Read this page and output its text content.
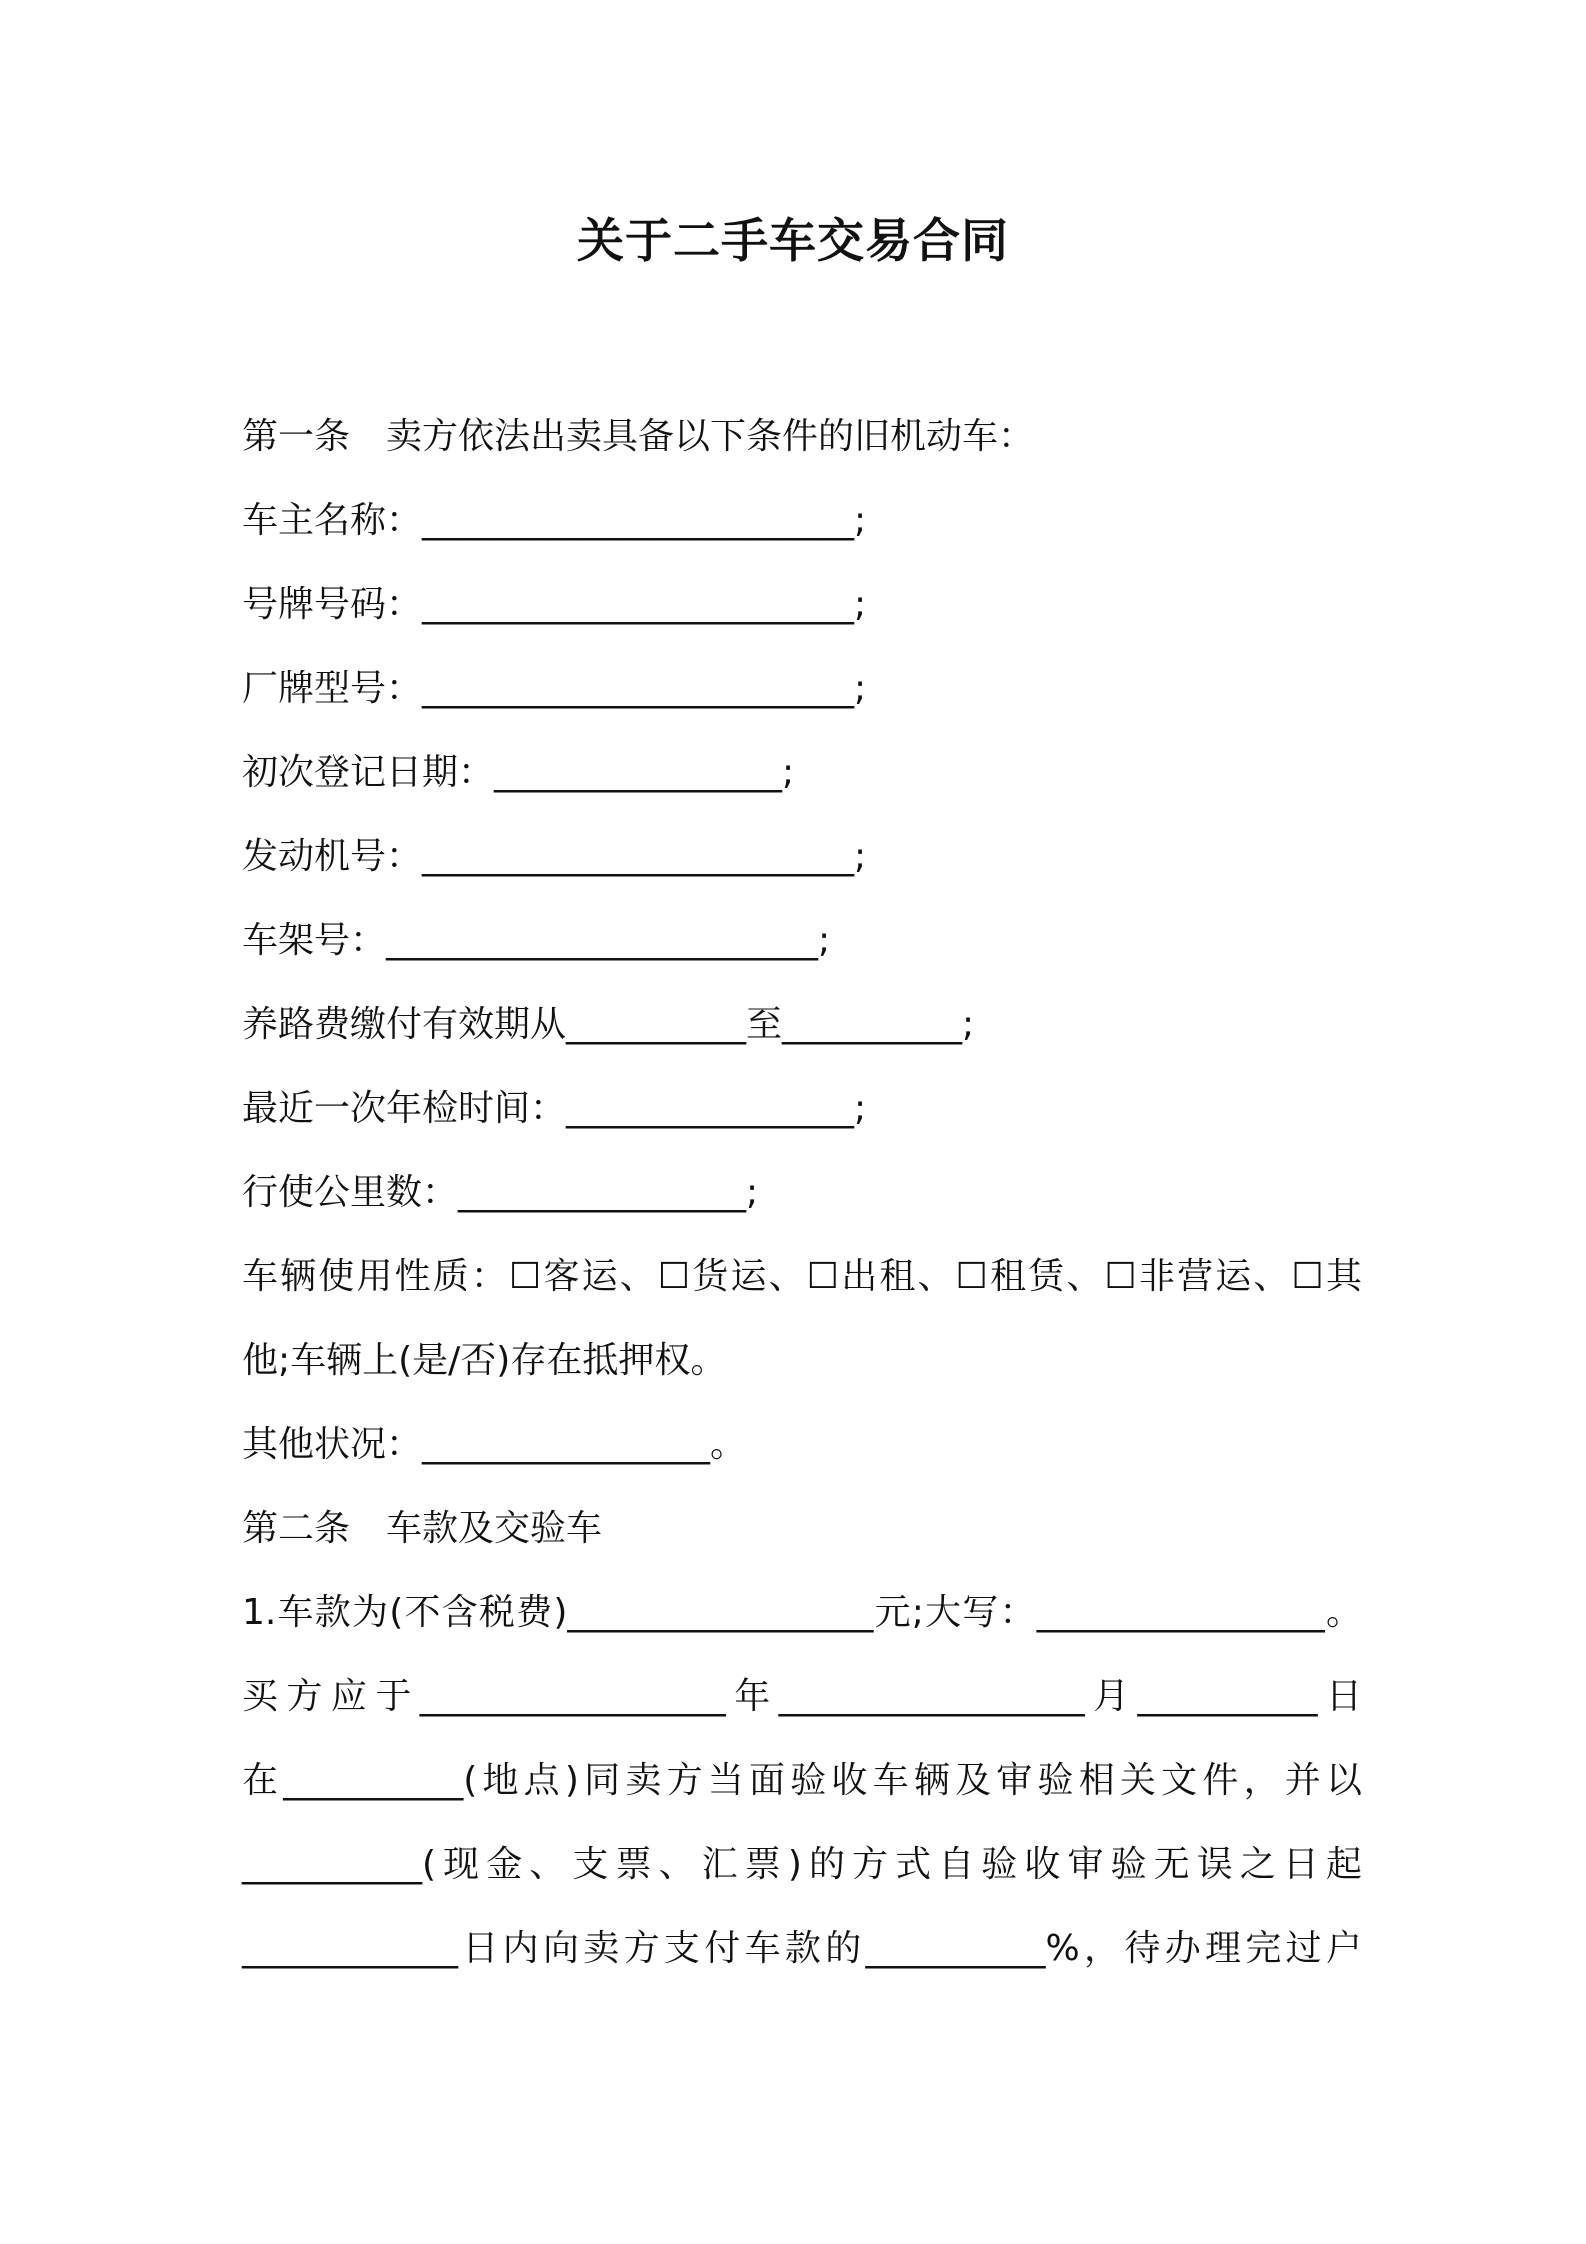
关于二手车交易合同
第一条　卖方依法出卖具备以下条件的旧机动车：
车主名称：________________________;
号牌号码：________________________;
厂牌型号：________________________;
初次登记日期：________________;
发动机号：________________________;
车架号：________________________;
养路费缴付有效期从__________至__________;
最近一次年检时间：________________;
行使公里数：________________;
车辆使用性质：☐客运、☐货运、☐出租、☐租赁、☐非营运、☐其
他;车辆上(是/否)存在抵押权。
其他状况：________________。
第二条　车款及交验车
1.车款为(不含税费)_________________元;大写：________________。
买方应于_________________年_________________月__________日
在__________(地点)同卖方当面验收车辆及审验相关文件，并以
__________(现金、支票、汇票)的方式自验收审验无误之日起
____________日内向卖方支付车款的__________%，待办理完过户
